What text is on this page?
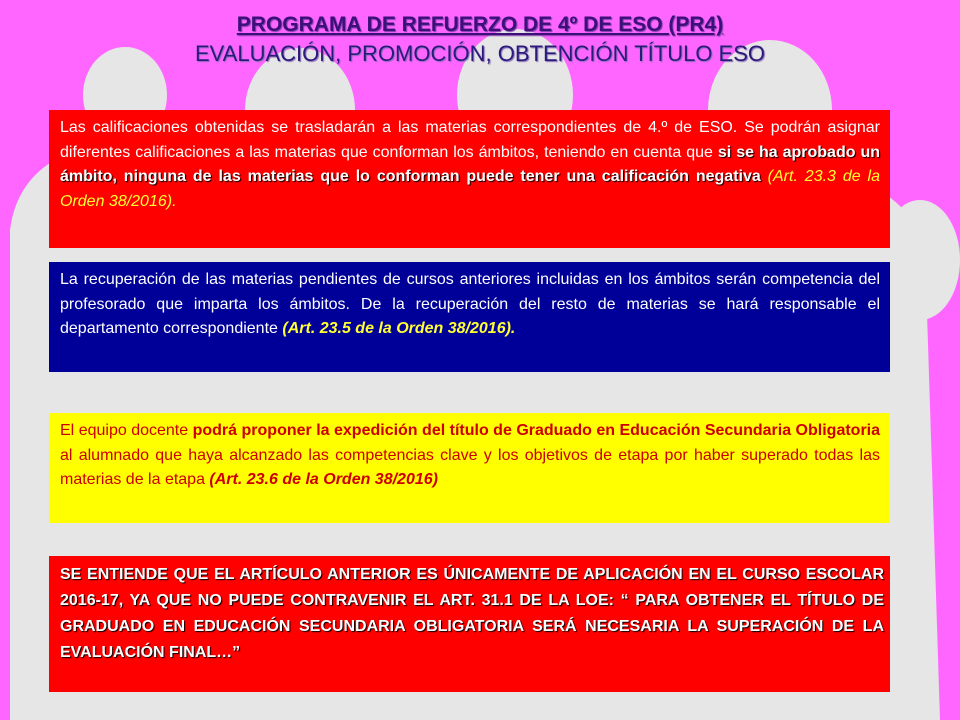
PROGRAMA DE REFUERZO DE 4º DE ESO (PR4)
EVALUACIÓN, PROMOCIÓN, OBTENCIÓN TÍTULO ESO
Las calificaciones obtenidas se trasladarán a las materias correspondientes de 4.º de ESO. Se podrán asignar diferentes calificaciones a las materias que conforman los ámbitos, teniendo en cuenta que si se ha aprobado un ámbito, ninguna de las materias que lo conforman puede tener una calificación negativa (Art. 23.3 de la Orden 38/2016).
La recuperación de las materias pendientes de cursos anteriores incluidas en los ámbitos serán competencia del profesorado que imparta los ámbitos. De la recuperación del resto de materias se hará responsable el departamento correspondiente (Art. 23.5 de la Orden 38/2016).
El equipo docente podrá proponer la expedición del título de Graduado en Educación Secundaria Obligatoria al alumnado que haya alcanzado las competencias clave y los objetivos de etapa por haber superado todas las materias de la etapa (Art. 23.6 de la Orden 38/2016)
SE ENTIENDE QUE EL ARTÍCULO ANTERIOR ES ÚNICAMENTE DE APLICACIÓN EN EL CURSO ESCOLAR 2016-17, YA QUE NO PUEDE CONTRAVENIR EL ART. 31.1 DE LA LOE: “ PARA OBTENER EL TÍTULO DE GRADUADO EN EDUCACIÓN SECUNDARIA OBLIGATORIA SERÁ NECESARIA LA SUPERACIÓN DE LA EVALUACIÓN FINAL…”
